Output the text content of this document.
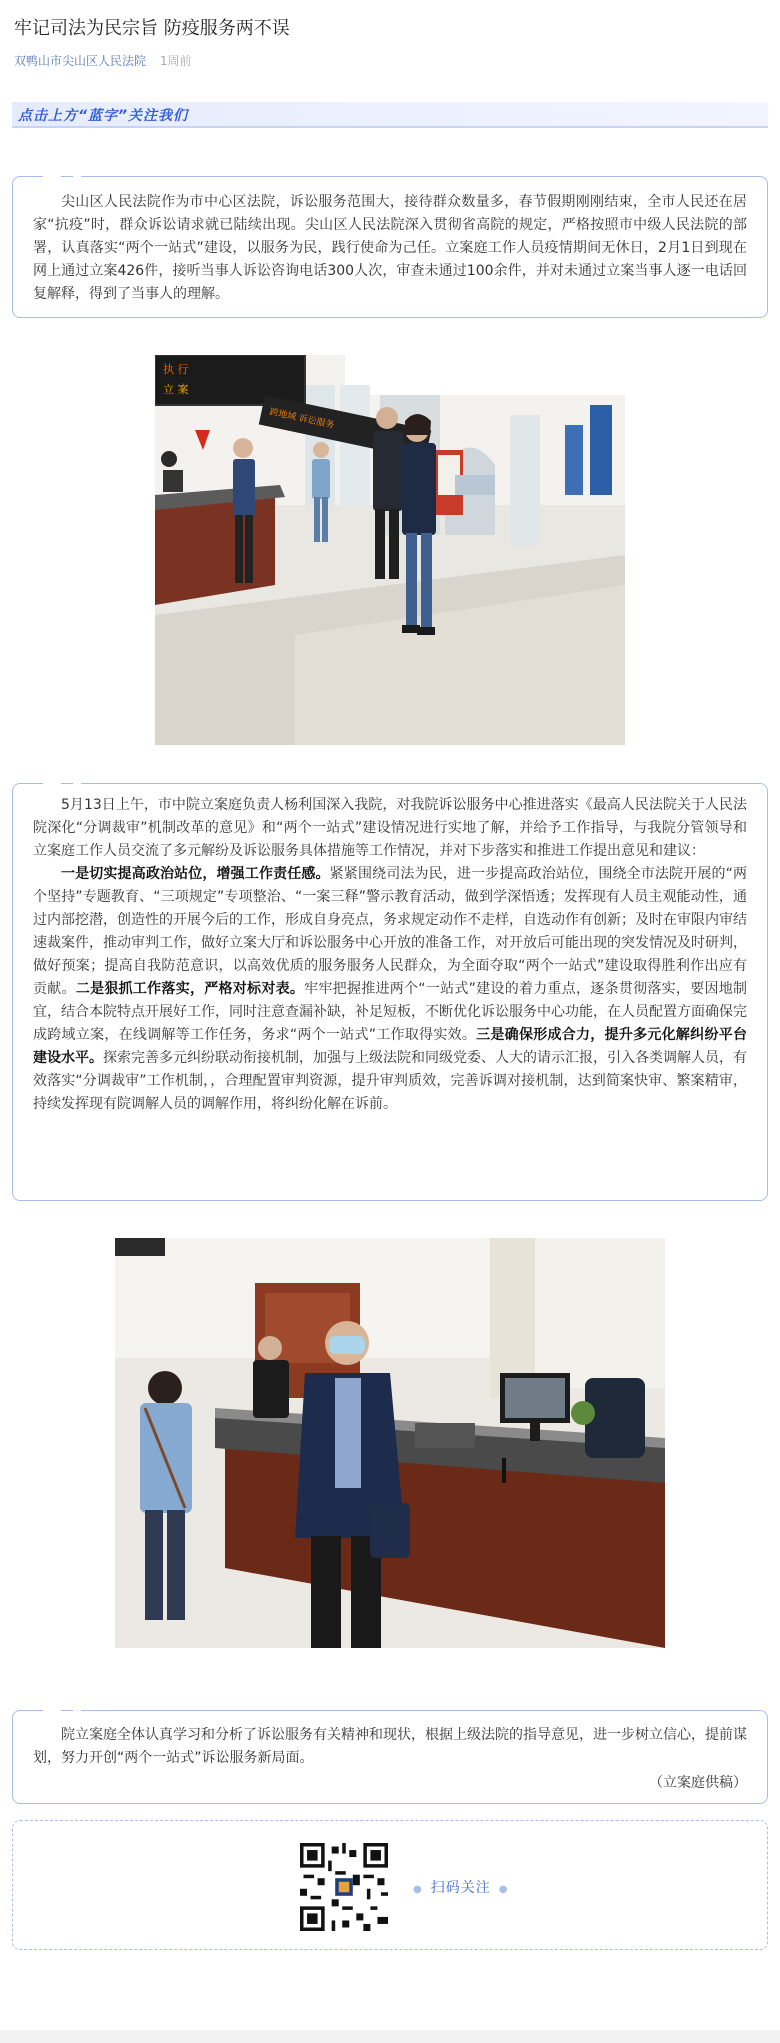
牢记司法为民宗旨 防疫服务两不误
双鸭山市尖山区人民法院 1周前
点击上方“蓝字”关注我们

尖山区人民法院作为市中心区法院，诉讼服务范围大，接待群众数量多，春节假期刚刚结束，全市人民还在居家“抗疫”时，群众诉讼请求就已陆续出现。尖山区人民法院深入贯彻省高院的规定，严格按照市中级人民法院的部署，认真落实“两个一站式”建设，以服务为民，践行使命为己任。立案庭工作人员疫情期间无休日，2月1日到现在网上通过立案426件，接听当事人诉讼咨询电话300人次，审查未通过100余件，并对未通过立案当事人逐一电话回复解释，得到了当事人的理解。

执 行
立 案
跨地域 诉讼服务

5月13日上午，市中院立案庭负责人杨利国深入我院，对我院诉讼服务中心推进落实《最高人民法院关于人民法院深化“分调裁审”机制改革的意见》和“两个一站式”建设情况进行实地了解，并给予工作指导，与我院分管领导和立案庭工作人员交流了多元解纷及诉讼服务具体措施等工作情况，并对下步落实和推进工作提出意见和建议：

一是切实提高政治站位，增强工作责任感。紧紧围绕司法为民，进一步提高政治站位，围绕全市法院开展的“两个坚持”专题教育、“三项规定”专项整治、“一案三释”警示教育活动，做到学深悟透；发挥现有人员主观能动性，通过内部挖潜，创造性的开展今后的工作，形成自身亮点，务求规定动作不走样，自选动作有创新；及时在审限内审结速裁案件，推动审判工作，做好立案大厅和诉讼服务中心开放的准备工作，对开放后可能出现的突发情况及时研判，做好预案；提高自我防范意识，以高效优质的服务服务人民群众，为全面夺取“两个一站式”建设取得胜利作出应有贡献。二是狠抓工作落实，严格对标对表。牢牢把握推进两个“一站式”建设的着力重点，逐条贯彻落实，要因地制宜，结合本院特点开展好工作，同时注意查漏补缺，补足短板，不断优化诉讼服务中心功能，在人员配置方面确保完成跨域立案，在线调解等工作任务，务求“两个一站式”工作取得实效。三是确保形成合力，提升多元化解纠纷平台建设水平。探索完善多元纠纷联动衔接机制，加强与上级法院和同级党委、人大的请示汇报，引入各类调解人员，有效落实“分调裁审”工作机制，，合理配置审判资源，提升审判质效，完善诉调对接机制，达到简案快审、繁案精审，持续发挥现有院调解人员的调解作用，将纠纷化解在诉前。

院立案庭全体认真学习和分析了诉讼服务有关精神和现状，根据上级法院的指导意见，进一步树立信心，提前谋划，努力开创“两个一站式”诉讼服务新局面。

（立案庭供稿）

● 扫码关注 ●
